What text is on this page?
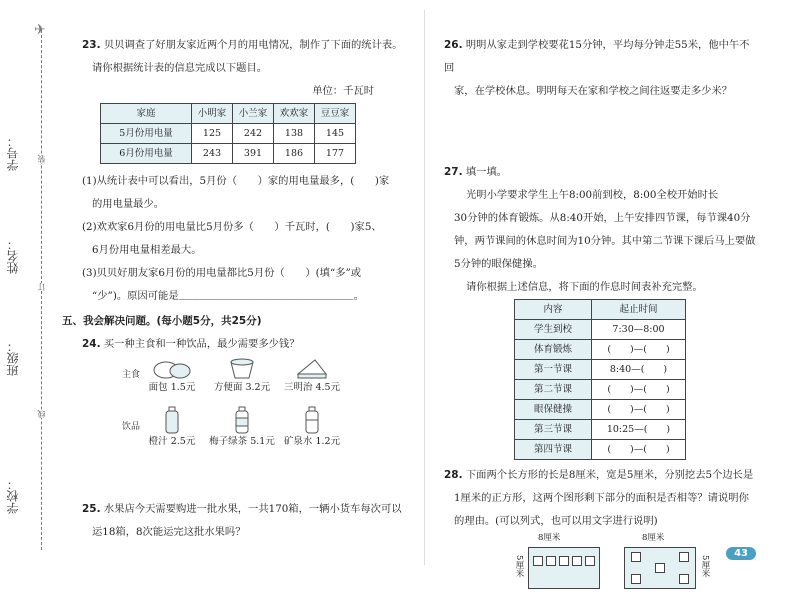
✈
学号：
姓名：
班级：
学校：
装
订
线

23. 贝贝调查了好朋友家近两个月的用电情况，制作了下面的统计表。

请你根据统计表的信息完成以下题目。

单位：千瓦时

家庭	小明家	小兰家	欢欢家	豆豆家
5月份用电量	125	242	138	145
6月份用电量	243	391	186	177

(1)从统计表中可以看出，5月份（　　）家的用电量最多，(　　)家

的用电量最少。

(2)欢欢家6月份的用电量比5月份多（　　）千瓦时，(　　)家5、

6月份用电量相差最大。

(3)贝贝好朋友家6月份的用电量都比5月份（　　）(填“多”或

“少”)。原因可能是＿＿＿＿＿＿＿＿＿＿＿＿＿＿＿＿＿。

五、我会解决问题。(每小题5分，共25分)

24. 买一种主食和一种饮品，最少需要多少钱？

主食
饮品
面包 1.5元	方便面 3.2元	三明治 4.5元
橙汁 2.5元	梅子绿茶 5.1元 矿泉水 1.2元

25. 水果店今天需要购进一批水果，一共170箱，一辆小货车每次可以

运18箱，8次能运完这批水果吗？

26. 明明从家走到学校要花15分钟，平均每分钟走55米，他中午不回

家，在学校休息。明明每天在家和学校之间往返要走多少米？

27. 填一填。

光明小学要求学生上午8:00前到校，8:00全校开始时长

30分钟的体育锻炼。从8:40开始，上午安排四节课，每节课40分

钟，两节课间的休息时间为10分钟。其中第二节课下课后马上要做

5分钟的眼保健操。

请你根据上述信息，将下面的作息时间表补充完整。

内容	起止时间
学生到校	7:30—8:00
体育锻炼	(　　)—(　　)
第一节课	8:40—(　　)
第二节课	(　　)—(　　)
眼保健操	(　　)—(　　)
第三节课	10:25—(　　)
第四节课	(　　)—(　　)

28. 下面两个长方形的长是8厘米，宽是5厘米，分别挖去5个边长是

1厘米的正方形，这两个图形剩下部分的面积是否相等？请说明你

的理由。(可以列式，也可以用文字进行说明)

8厘米
5厘米
8厘米
5厘米
43
